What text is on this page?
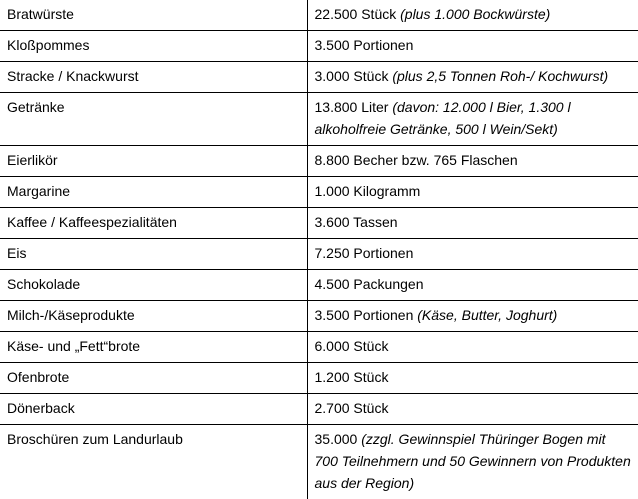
Bratwürste	22.500 Stück (plus 1.000 Bockwürste)
Kloßpommes	3.500 Portionen
Stracke / Knackwurst	3.000 Stück (plus 2,5 Tonnen Roh-/ Kochwurst)
Getränke	13.800 Liter (davon: 12.000 l Bier, 1.300 l alkoholfreie Getränke, 500 l Wein/Sekt)
Eierlikör	8.800 Becher bzw. 765 Flaschen
Margarine	1.000 Kilogramm
Kaffee / Kaffeespezialitäten	3.600 Tassen
Eis	7.250 Portionen
Schokolade	4.500 Packungen
Milch-/Käseprodukte	3.500 Portionen (Käse, Butter, Joghurt)
Käse- und „Fett“brote	6.000 Stück
Ofenbrote	1.200 Stück
Dönerback	2.700 Stück
Broschüren zum Landurlaub	35.000 (zzgl. Gewinnspiel Thüringer Bogen mit 700 Teilnehmern und 50 Gewinnern von Produkten aus der Region)
